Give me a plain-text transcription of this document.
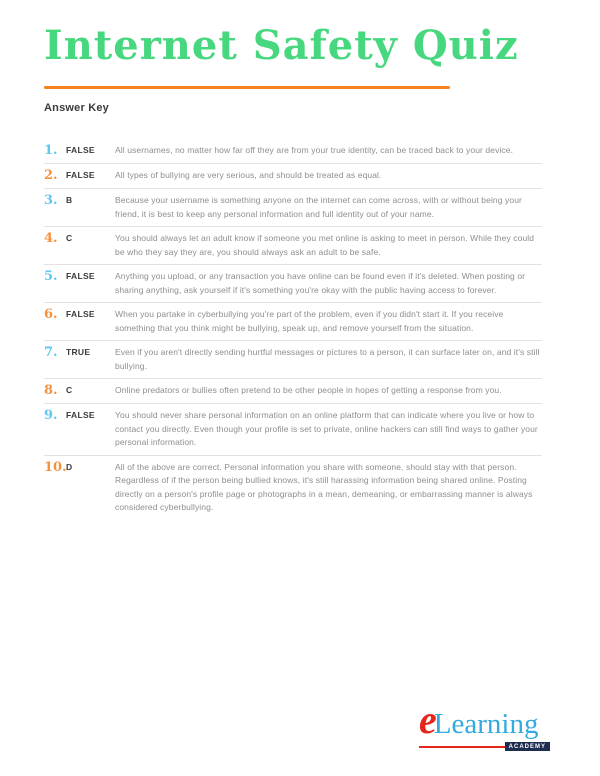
Internet Safety Quiz
Answer Key
1. FALSE	All usernames, no matter how far off they are from your true identity, can be traced back to your device.
2. FALSE	All types of bullying are very serious, and should be treated as equal.
3. B	Because your username is something anyone on the internet can come across, with or without being your friend, it is best to keep any personal information and full identity out of your name.
4. C	You should always let an adult know if someone you met online is asking to meet in person. While they could be who they say they are, you should always ask an adult to be safe.
5. FALSE	Anything you upload, or any transaction you have online can be found even if it's deleted. When posting or sharing anything, ask yourself if it's something you're okay with the public having access to forever.
6. FALSE	When you partake in cyberbullying you're part of the problem, even if you didn't start it. If you receive something that you think might be bullying, speak up, and remove yourself from the situation.
7. TRUE	Even if you aren't directly sending hurtful messages or pictures to a person, it can surface later on, and it's still bullying.
8. C	Online predators or bullies often pretend to be other people in hopes of getting a response from you.
9. FALSE	You should never share personal information on an online platform that can indicate where you live or how to contact you directly. Even though your profile is set to private, online hackers can still find ways to gather your personal information.
10. D	All of the above are correct. Personal information you share with someone, should stay with that person. Regardless of if the person being bullied knows, it's still harassing information being shared online. Posting directly on a person's profile page or photographs in a mean, demeaning, or embarrassing manner is always considered cyberbullying.
eLearning
ACADEMY
